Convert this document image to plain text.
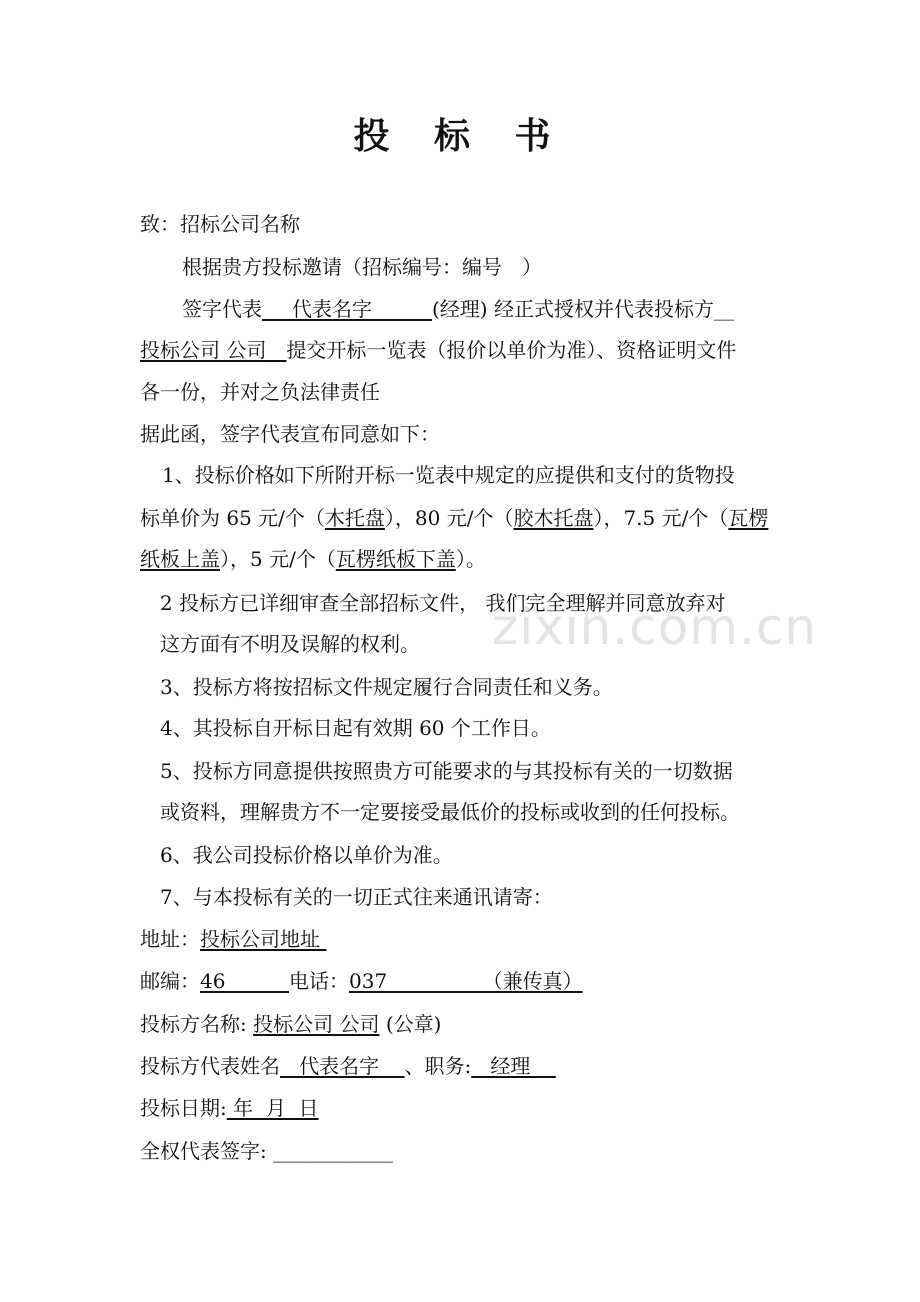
zixin.com.cn
投 标 书
致：招标公司名称
根据贵方投标邀请（招标编号：编号　）
签字代表___代表名字______(经理) 经正式授权并代表投标方__
投标公司 公司__提交开标一览表（报价以单价为准）、资格证明文件
各一份，并对之负法律责任
据此函，签字代表宣布同意如下：
1、投标价格如下所附开标一览表中规定的应提供和支付的货物投
标单价为 65 元/个（木托盘），80 元/个（胶木托盘），7.5 元/个（瓦楞
纸板上盖），5 元/个（瓦楞纸板下盖）。
2 投标方已详细审查全部招标文件， 我们完全理解并同意放弃对
这方面有不明及误解的权利。
3、投标方将按招标文件规定履行合同责任和义务。
4、其投标自开标日起有效期 60 个工作日。
5、投标方同意提供按照贵方可能要求的与其投标有关的一切数据
或资料，理解贵方不一定要接受最低价的投标或收到的任何投标。
6、我公司投标价格以单价为准。
7、与本投标有关的一切正式往来通讯请寄：
地址：投标公司地址
邮编：46          电话：037               （兼传真）
投标方名称: 投标公司 公司 (公章)
投标方代表姓名   代表名字    、职务:   经理
投标日期: 年  月  日
全权代表签字: ____________
